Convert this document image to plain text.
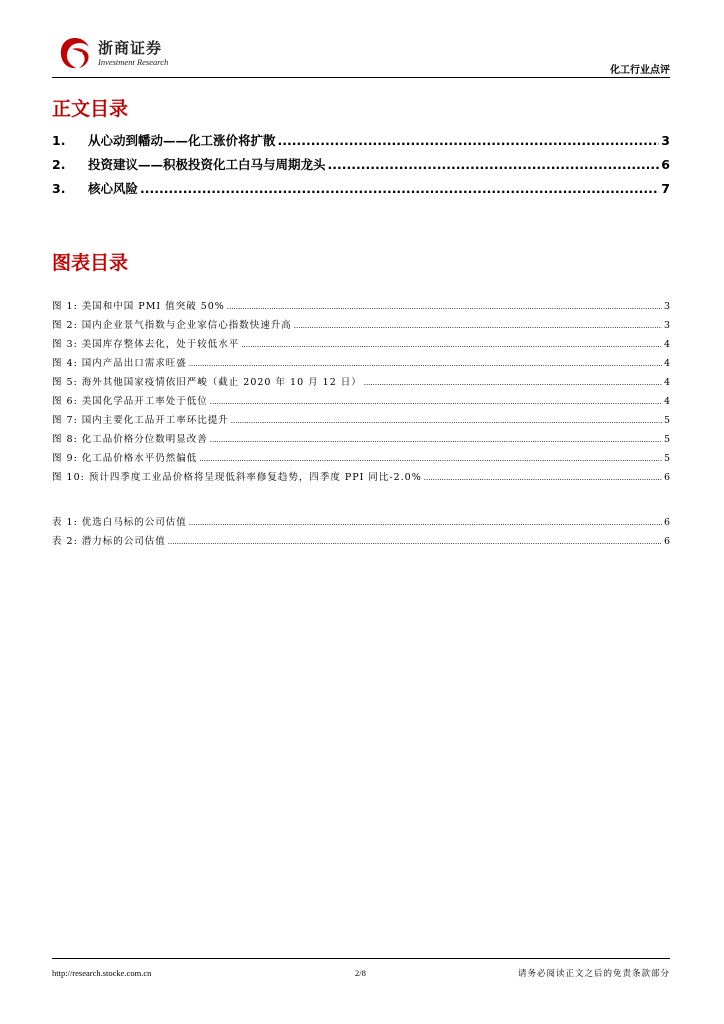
浙商证券
Investment Research
化工行业点评
正文目录
1.	从心动到幡动——化工涨价将扩散 .....	3
2.	投资建议——积极投资化工白马与周期龙头 .....	6
3.	核心风险 .....	7
图表目录
图 1: 美国和中国 PMI 值突破 50% .....	3
图 2: 国内企业景气指数与企业家信心指数快速升高 .....	3
图 3: 美国库存整体去化，处于较低水平 .....	4
图 4: 国内产品出口需求旺盛 .....	4
图 5: 海外其他国家疫情依旧严峻（截止 2020 年 10 月 12 日） .....	4
图 6: 美国化学品开工率处于低位 .....	4
图 7: 国内主要化工品开工率环比提升 .....	5
图 8: 化工品价格分位数明显改善 .....	5
图 9: 化工品价格水平仍然偏低 .....	5
图 10: 预计四季度工业品价格将呈现低斜率修复趋势，四季度 PPI 同比-2.0% .....	6
表 1: 优选白马标的公司估值 .....	6
表 2: 潜力标的公司估值 .....	6
http://research.stocke.com.cn	2/8	请务必阅读正文之后的免责条款部分
